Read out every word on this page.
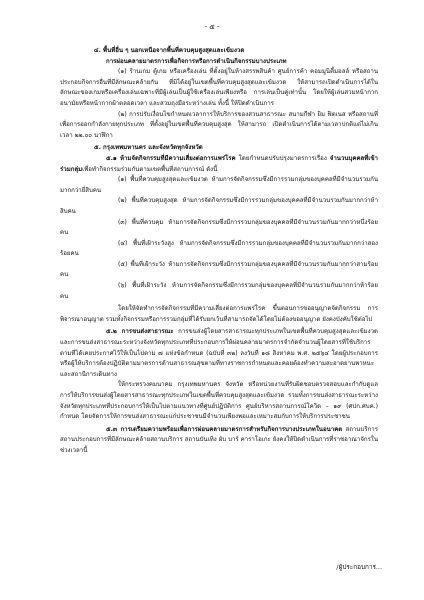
- ๕ -

๔. พื้นที่อื่น ๆ นอกเหนือจากพื้นที่ควบคุมสูงสุดและเข้มงวด

การผ่อนคลายมาตรการเพื่อกิจการหรือการดำเนินกิจกรรมบางประเภท

(๑) ร้านเกม ตู้เกม หรือเครื่องเล่น ที่ตั้งอยู่ในห้างสรรพสินค้า ศูนย์การค้า คอมมูนิตี้มอลล์ หรือสถานประกอบกิจการอื่นที่มีลักษณะคล้ายกัน ที่มิได้อยู่ในเขตพื้นที่ควบคุมสูงสุดและเข้มงวด ให้สามารถเปิดดำเนินการได้ในลักษณะของเกมหรือเครื่องเล่นเฉพาะที่มีผู้เล่นเป็นผู้ใช้เครื่องเล่นเพียงหรือ การเล่นเป็นคู่เท่านั้น โดยให้ผู้เล่นสวมหน้ากากอนามัยหรือหน้ากากผ้าตลอดเวลา และสวมถุงมือระหว่างเล่น ทั้งนี้ ให้ปิดดำเนินการ

(๒) การปรับเงื่อนไขกำหนดเวลาการให้บริการของสวนสาธารณะ สนามกีฬา ยิม ฟิตเนส หรือสถานที่เพื่อการออกกำลังกายทุกประเภท ที่ตั้งอยู่ในเขตพื้นที่ควบคุมสูงสุด ให้สามารถ เปิดดำเนินการได้ตามเวลาปกติแต่ไม่เกินเวลา ๒๒.๐๐ นาฬิกา

๕. กรุงเทพมหานคร และจังหวัดทุกจังหวัด

๕.๑ ห้ามจัดกิจกรรมที่มีความเสี่ยงต่อการแพร่โรค โดยกำหนดปรับปรุงมาตรการเรื่อง จำนวนบุคคลที่เข้าร่วมกลุ่มเพื่อทำกิจกรรมร่วมกันตามเขตพื้นที่สถานการณ์ ดังนี้

(๑) พื้นที่ควบคุมสูงสุดและเข้มงวด ห้ามการจัดกิจกรรมซึ่งมีการรวมกลุ่มของบุคคลที่มีจำนวนรวมกันมากกว่ายี่สิบคน

(๒) พื้นที่ควบคุมสูงสุด ห้ามการจัดกิจกรรมซึ่งมีการรวมกลุ่มของบุคคลที่มีจำนวนรวมกันมากกว่าห้าสิบคน

(๓) พื้นที่ควบคุม ห้ามการจัดกิจกรรมซึ่งมีการรวมกลุ่มของบุคคลที่มีจำนวนรวมกันมากกว่าหนึ่งร้อยคน

(๔) พื้นที่เฝ้าระวังสูง ห้ามการจัดกิจกรรมซึ่งมีการรวมกลุ่มของบุคคลที่มีจำนวนรวมกันมากกว่าสองร้อยคน

(๕) พื้นที่เฝ้าระวัง ห้ามการจัดกิจกรรมซึ่งมีการรวมกลุ่มของบุคคลที่มีจำนวนรวมกันมากกว่าสามร้อยคน

(๖) พื้นที่เฝ้าระวัง ห้ามการจัดกิจกรรมซึ่งมีการรวมกลุ่มของบุคคลที่มีจำนวนรวมกันมากกว่าห้าร้อยคน

โดยให้จัดทำการจัดกิจกรรมที่มีความเสี่ยงต่อการแพร่โรค ขึ้นตอนการขออนุญาตจัดกิจกรรม การพิจารณาอนุญาต รวมทั้งกิจกรรมหรือการรวมกลุ่มที่ได้รับยกเว้นที่สามารถจัดได้โดยไม่ต้องขออนุญาต ยังคงบังคับใช้ต่อไป

๕.๒ การขนส่งสาธารณะ การขนส่งผู้โดยสารสาธารณะทุกประเภทในเขตพื้นที่ควบคุมสูงสุดและเข้มงวด และการขนส่งสาธารณะระหว่างจังหวัดทุกประเภทที่ประกอบการให้ผ่อนคลายมาตรการจำกัดจำนวนผู้โดยสารที่ใช้บริการตามที่ได้เคยประกาศไว้ให้เป็นไปตาม ๗ แห่งข้อกำหนด (ฉบับที่ ๓๒) ลงวันที่ ๑๘ สิงหาคม พ.ศ. ๒๕๖๔ โดยผู้ประกอบการหรือผู้ให้บริการต้องปฏิบัติตามมาตรการด้านสาธารณสุขตามที่ทางราชการกำหนดและคอยต้องทำความสะอาดยานพาหนะและสถานีการเดินทาง

ให้กระทรวงคมนาคม กรุงเทพมหานคร จังหวัด หรือหน่วยงานที่รับผิดชอบตรวจสอบและกำกับดูแลการให้บริการขนส่งผู้โดยสารสาธารณะทุกประเภทในเขตพื้นที่ควบคุมสูงสุดและเข้มงวด รวมทั้งการขนส่งสาธารณะระหว่างจังหวัดทุกประเภทที่ประกอบการให้เป็นไปตามแนวทางที่ศูนย์ปฏิบัติการ ศูนย์บริหารสถานการณ์โควิด – ๑๙ (ศปก.ศบค.) กำหนด โดยจัดการให้การขนส่งสาธารณะแก่ประชาชนมีจำนวนเพียงพอและเหมาะสมกับการให้บริการประชาชน

๕.๓ การเตรียมความพร้อมเพื่อการผ่อนคลายมาตรการสำหรับกิจการบางประเภทในอนาคต สถานบริการ สถานประกอบการที่มีลักษณะคล้ายสถานบริการ สถานบันเทิง ผับ บาร์ คาราโอเกะ ยังคงให้ปิดดำเนินการที่ราชอาณาจักรในช่วงเวลานี้

/ผู้ประกอบการ...
